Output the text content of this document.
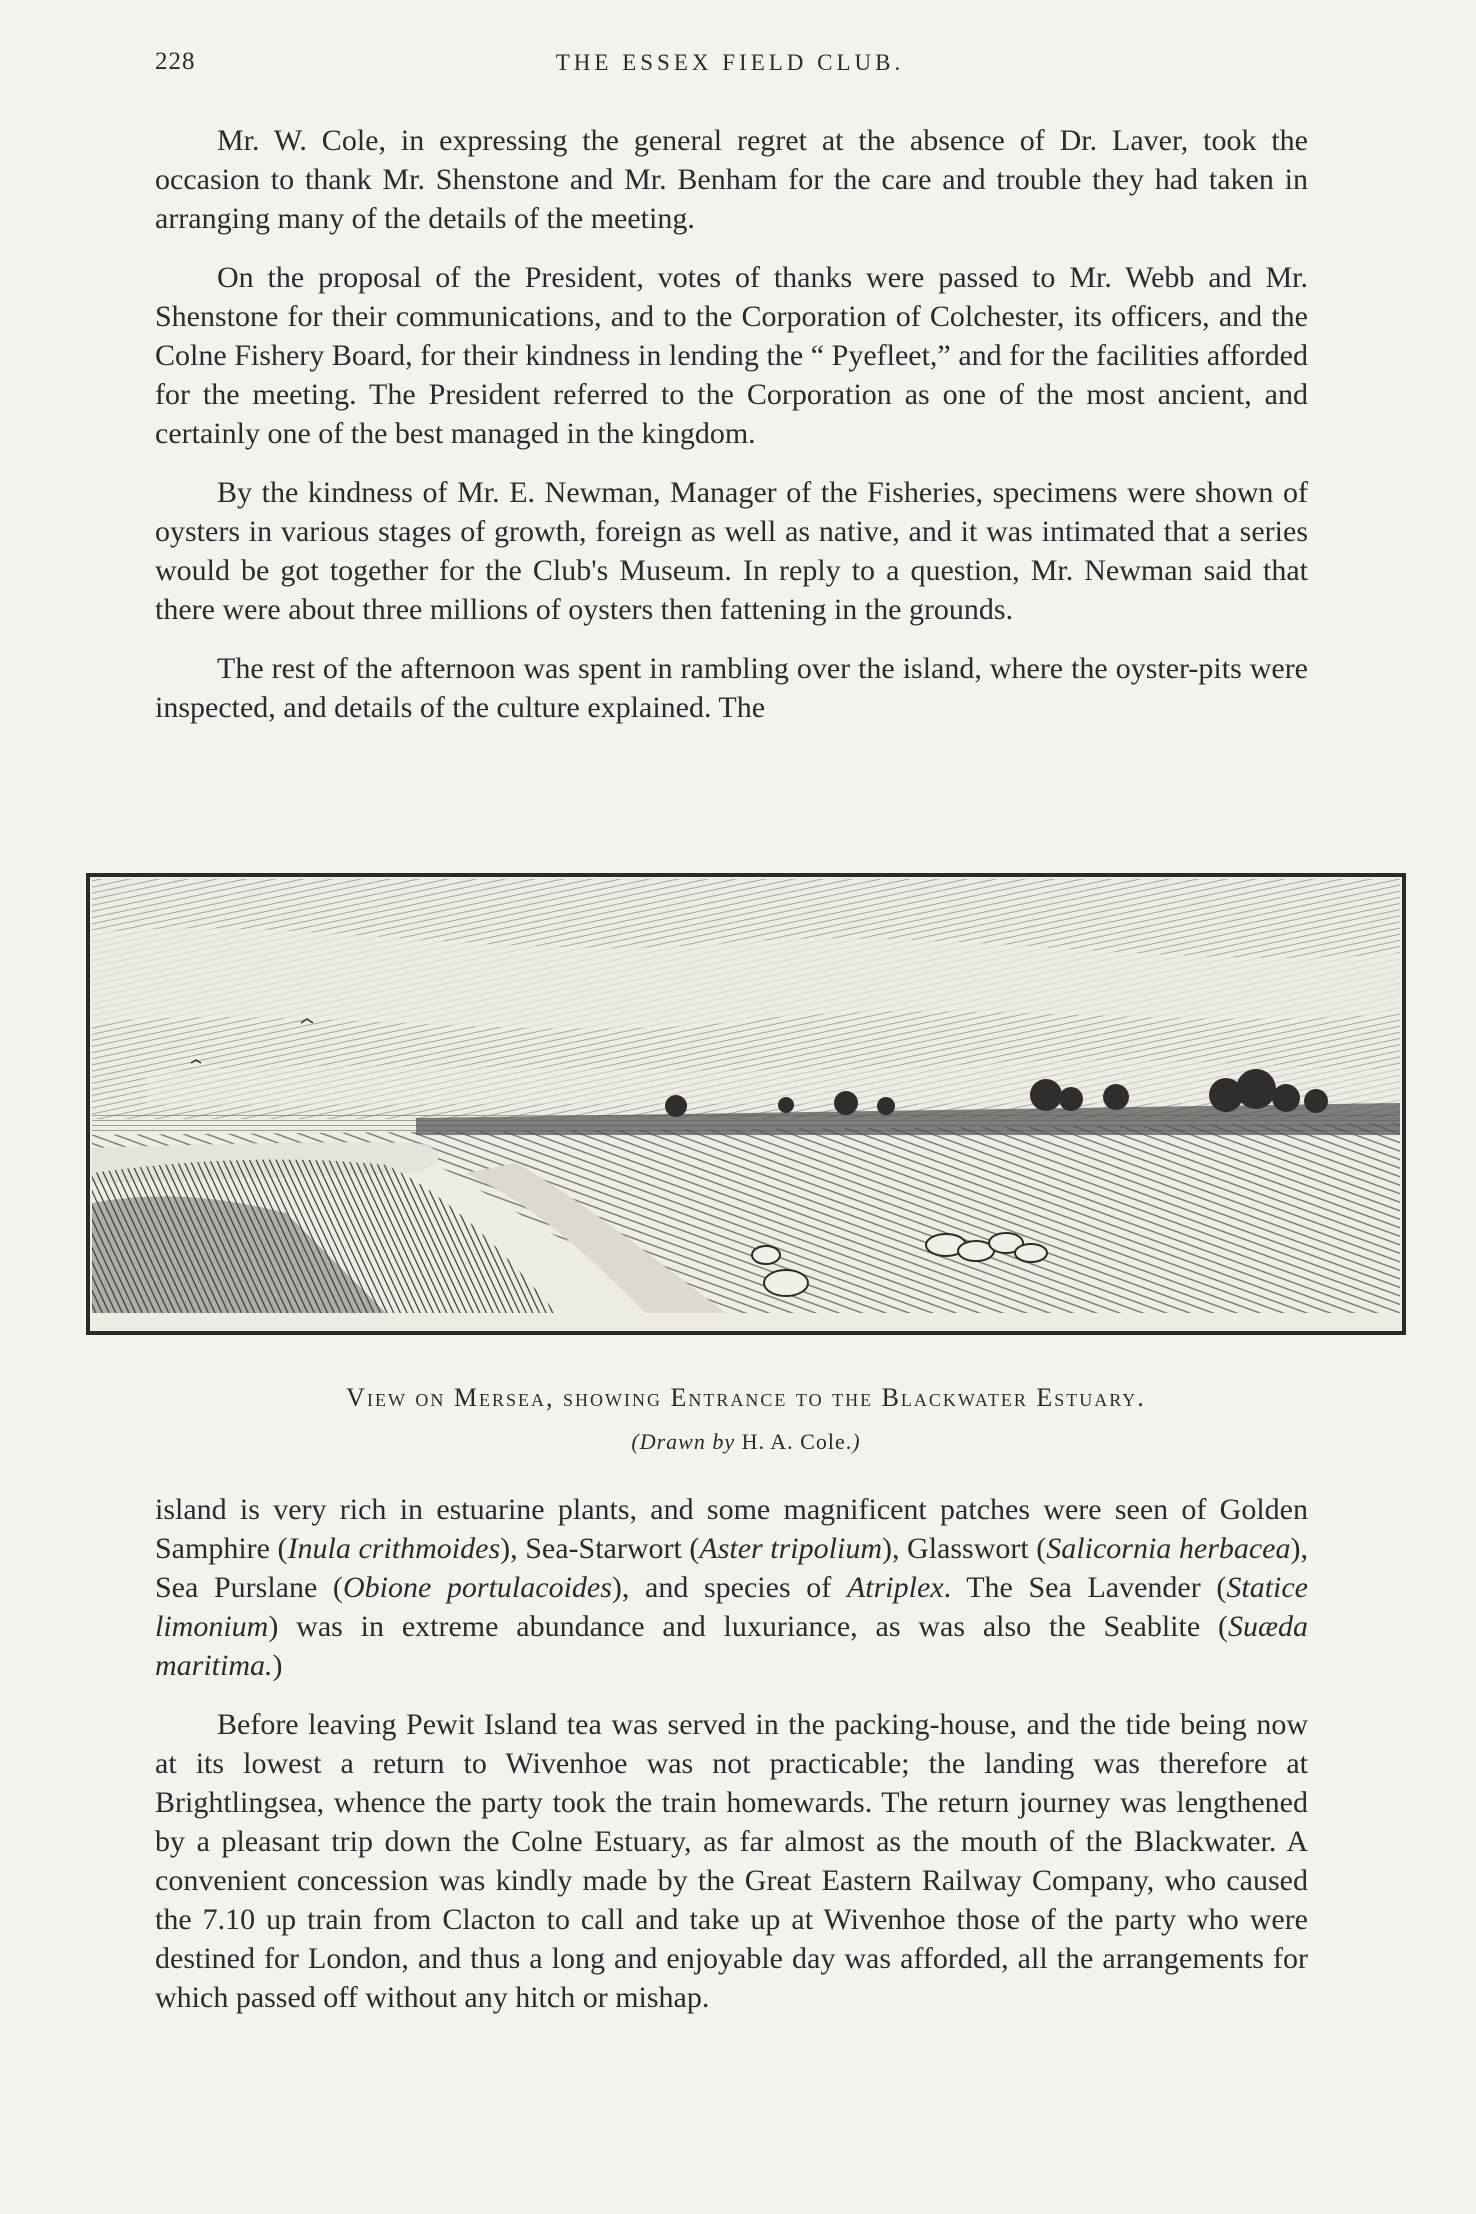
228	THE ESSEX FIELD CLUB.

Mr. W. Cole, in expressing the general regret at the absence of Dr. Laver, took the occasion to thank Mr. Shenstone and Mr. Benham for the care and trouble they had taken in arranging many of the details of the meeting.

On the proposal of the President, votes of thanks were passed to Mr. Webb and Mr. Shenstone for their communications, and to the Corporation of Colchester, its officers, and the Colne Fishery Board, for their kindness in lending the “ Pyefleet,” and for the facilities afforded for the meeting. The President referred to the Corporation as one of the most ancient, and certainly one of the best managed in the kingdom.

By the kindness of Mr. E. Newman, Manager of the Fisheries, specimens were shown of oysters in various stages of growth, foreign as well as native, and it was intimated that a series would be got together for the Club's Museum. In reply to a question, Mr. Newman said that there were about three millions of oysters then fattening in the grounds.

The rest of the afternoon was spent in rambling over the island, where the oyster-pits were inspected, and details of the culture explained. The

View on Mersea, showing Entrance to the Blackwater Estuary.
(Drawn by H. A. Cole.)

island is very rich in estuarine plants, and some magnificent patches were seen of Golden Samphire (Inula crithmoides), Sea-Starwort (Aster tripolium), Glasswort (Salicornia herbacea), Sea Purslane (Obione portulacoides), and species of Atriplex. The Sea Lavender (Statice limonium) was in extreme abundance and luxuriance, as was also the Seablite (Suæda maritima.)

Before leaving Pewit Island tea was served in the packing-house, and the tide being now at its lowest a return to Wivenhoe was not practicable; the landing was therefore at Brightlingsea, whence the party took the train homewards. The return journey was lengthened by a pleasant trip down the Colne Estuary, as far almost as the mouth of the Blackwater. A convenient concession was kindly made by the Great Eastern Railway Company, who caused the 7.10 up train from Clacton to call and take up at Wivenhoe those of the party who were destined for London, and thus a long and enjoyable day was afforded, all the arrangements for which passed off without any hitch or mishap.
